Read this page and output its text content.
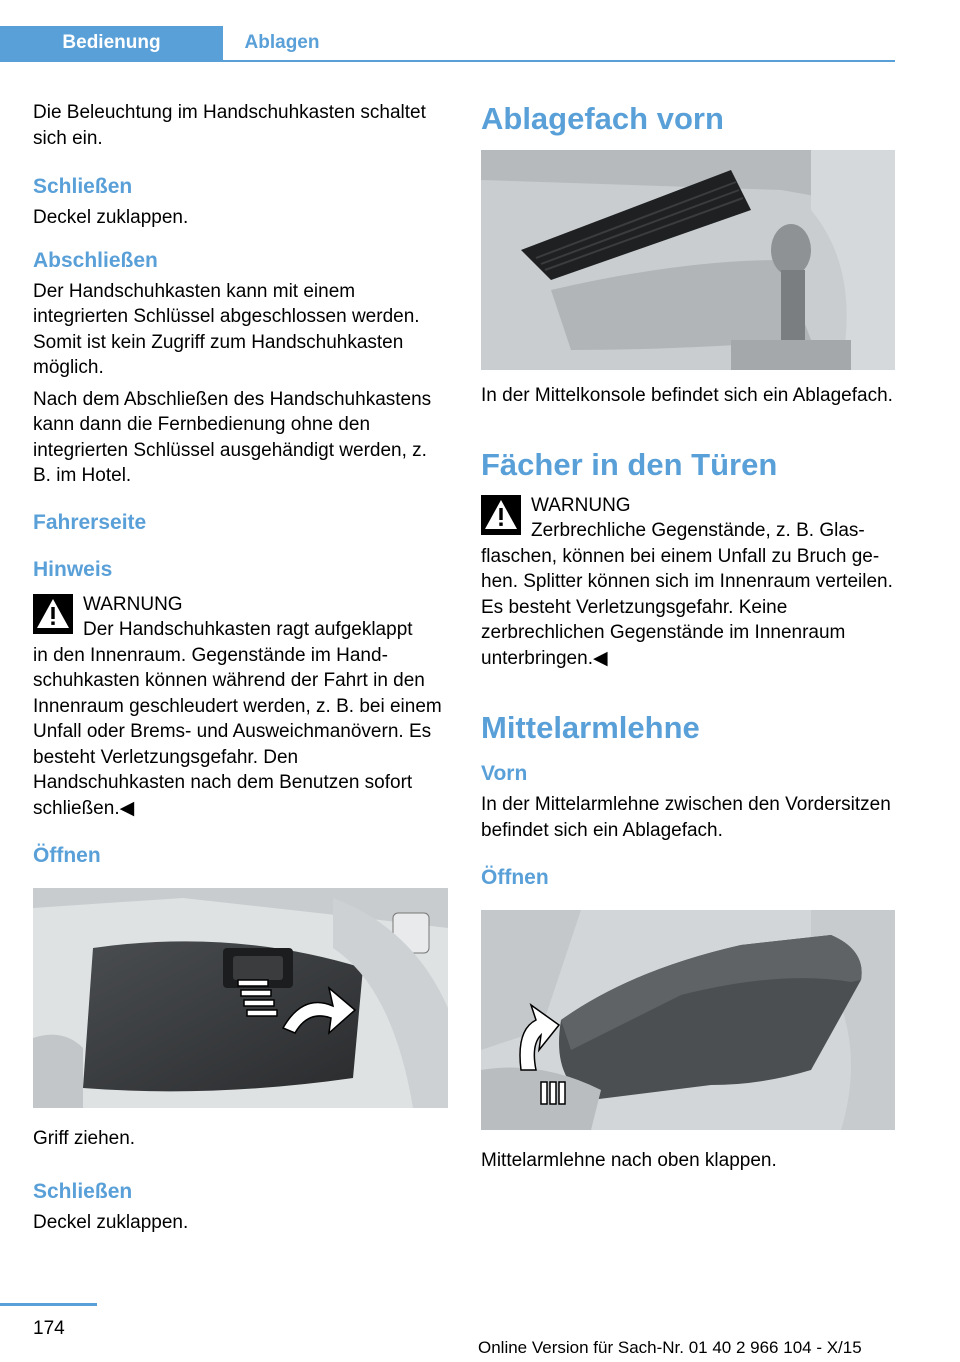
Bedienung	Ablagen

Die Beleuchtung im Handschuhkasten schaltet sich ein.

Schließen

Deckel zuklappen.

Abschließen

Der Handschuhkasten kann mit einem integrierten Schlüssel abgeschlossen werden. Somit ist kein Zugriff zum Handschuhkasten möglich.

Nach dem Abschließen des Handschuhkastens kann dann die Fernbedienung ohne den integrierten Schlüssel ausgehändigt werden, z. B. im Hotel.

Fahrerseite
Hinweis

WARNUNG

Der Handschuhkasten ragt aufgeklappt

in den Innenraum. Gegenstände im Handschuhkasten können während der Fahrt in den Innenraum geschleudert werden, z. B. bei einem Unfall oder Brems- und Ausweichmanövern. Es besteht Verletzungsgefahr. Den Handschuhkasten nach dem Benutzen sofort schließen.◀

Öffnen

Griff ziehen.

Schließen

Deckel zuklappen.

Ablagefach vorn

In der Mittelkonsole befindet sich ein Ablagefach.

Fächer in den Türen

WARNUNG

Zerbrechliche Gegenstände, z. B. Glas-

flaschen, können bei einem Unfall zu Bruch gehen. Splitter können sich im Innenraum verteilen. Es besteht Verletzungsgefahr. Keine zerbrechlichen Gegenstände im Innenraum unterbringen.◀

Mittelarmlehne
Vorn

In der Mittelarmlehne zwischen den Vordersitzen befindet sich ein Ablagefach.

Öffnen

Mittelarmlehne nach oben klappen.

174
Online Version für Sach-Nr. 01 40 2 966 104 - X/15
